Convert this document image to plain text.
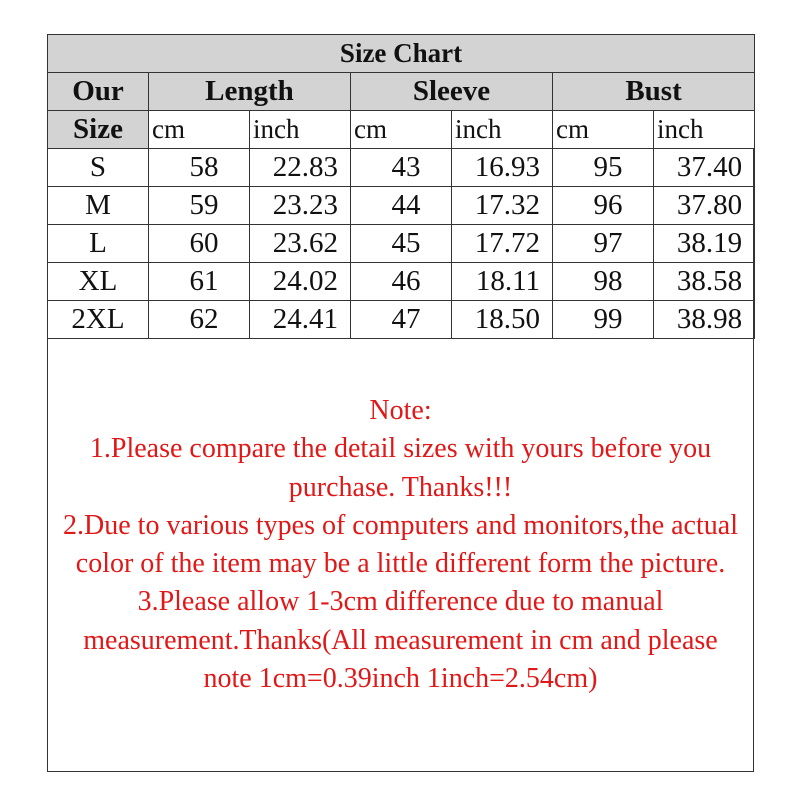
Size Chart						
Our	Length		Sleeve		Bust	
Size	cm	inch	cm	inch	cm	inch
S	58	22.83	43	16.93	95	37.40
M	59	23.23	44	17.32	96	37.80
L	60	23.62	45	17.72	97	38.19
XL	61	24.02	46	18.11	98	38.58
2XL	62	24.41	47	18.50	99	38.98

Note:

1.Please compare the detail sizes with yours before you purchase. Thanks!!!

2.Due to various types of computers and monitors,the actual color of the item may be a little different form the picture.

3.Please allow 1-3cm difference due to manual measurement.Thanks(All measurement in cm and please note 1cm=0.39inch 1inch=2.54cm)
